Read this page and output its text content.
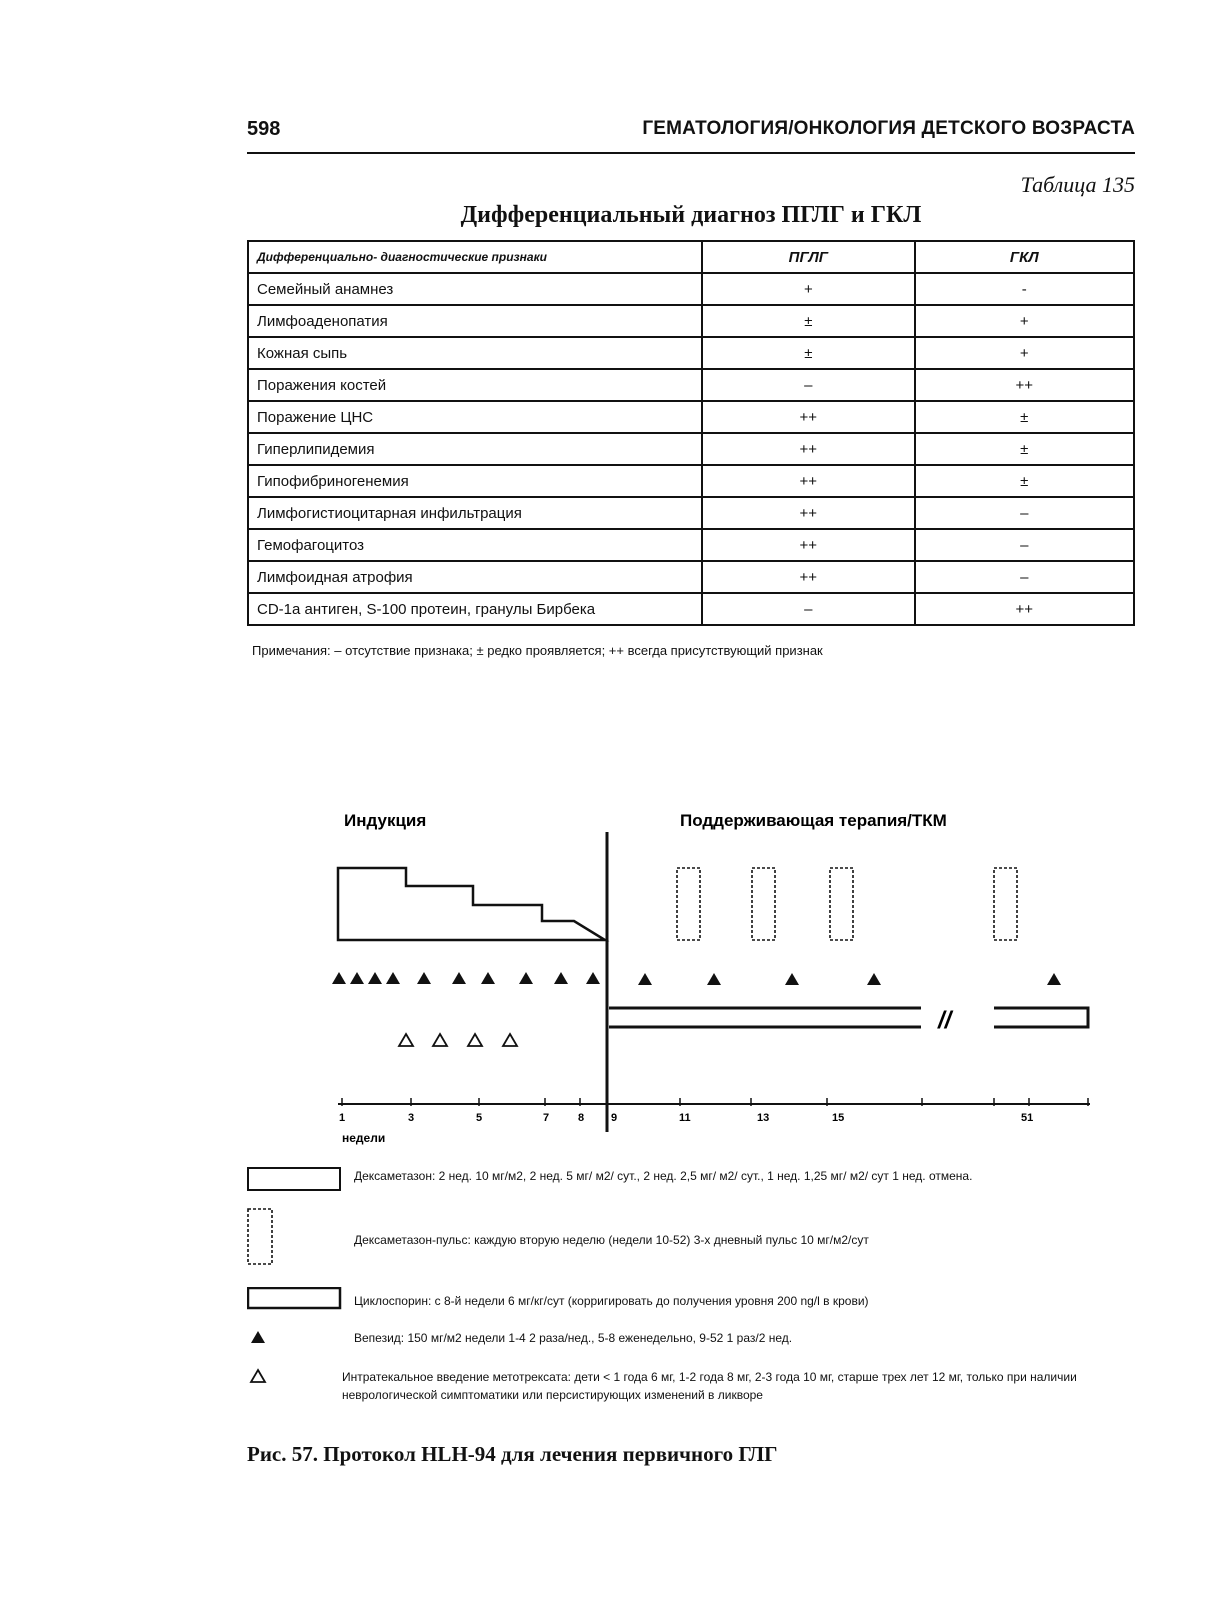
598	ГЕМАТОЛОГИЯ/ОНКОЛОГИЯ ДЕТСКОГО ВОЗРАСТА
Таблица 135
Дифференциальный диагноз ПГЛГ и ГКЛ
Дифференциально- диагностические признаки	ПГЛГ	ГКЛ
Семейный анамнез	+	-
Лимфоаденопатия	±	+
Кожная сыпь	±	+
Поражения костей	–	++
Поражение ЦНС	++	±
Гиперлипидемия	++	±
Гипофибриногенемия	++	±
Лимфогистиоцитарная инфильтрация	++	–
Гемофагоцитоз	++	–
Лимфоидная атрофия	++	–
CD-1a антиген, S-100 протеин, гранулы Бирбека	–	++
Примечания: – отсутствие признака; ± редко проявляется; ++ всегда присутствующий признак
Индукция	Поддерживающая терапия/ТКМ
//
1	3	5	7	8 9	11	13	15	51
недели
Дексаметазон: 2 нед. 10 мг/м2, 2 нед. 5 мг/ м2/ сут., 2 нед. 2,5 мг/ м2/ сут., 1 нед. 1,25 мг/ м2/ сут 1 нед. отмена.
Дексаметазон-пульс: каждую вторую неделю (недели 10-52) 3-х дневный пульс 10 мг/м2/сут
Циклоспорин: с 8-й недели 6 мг/кг/сут (корригировать до получения уровня 200 ng/l в крови)
Вепезид: 150 мг/м2 недели 1-4 2 раза/нед., 5-8 еженедельно, 9-52 1 раз/2 нед.
Интратекальное введение метотрексата: дети < 1 года 6 мг, 1-2 года 8 мг, 2-3 года 10 мг, старше трех лет 12 мг, только при наличии неврологической симптоматики или персистирующих изменений в ликворе
Рис. 57. Протокол HLH-94 для лечения первичного ГЛГ
